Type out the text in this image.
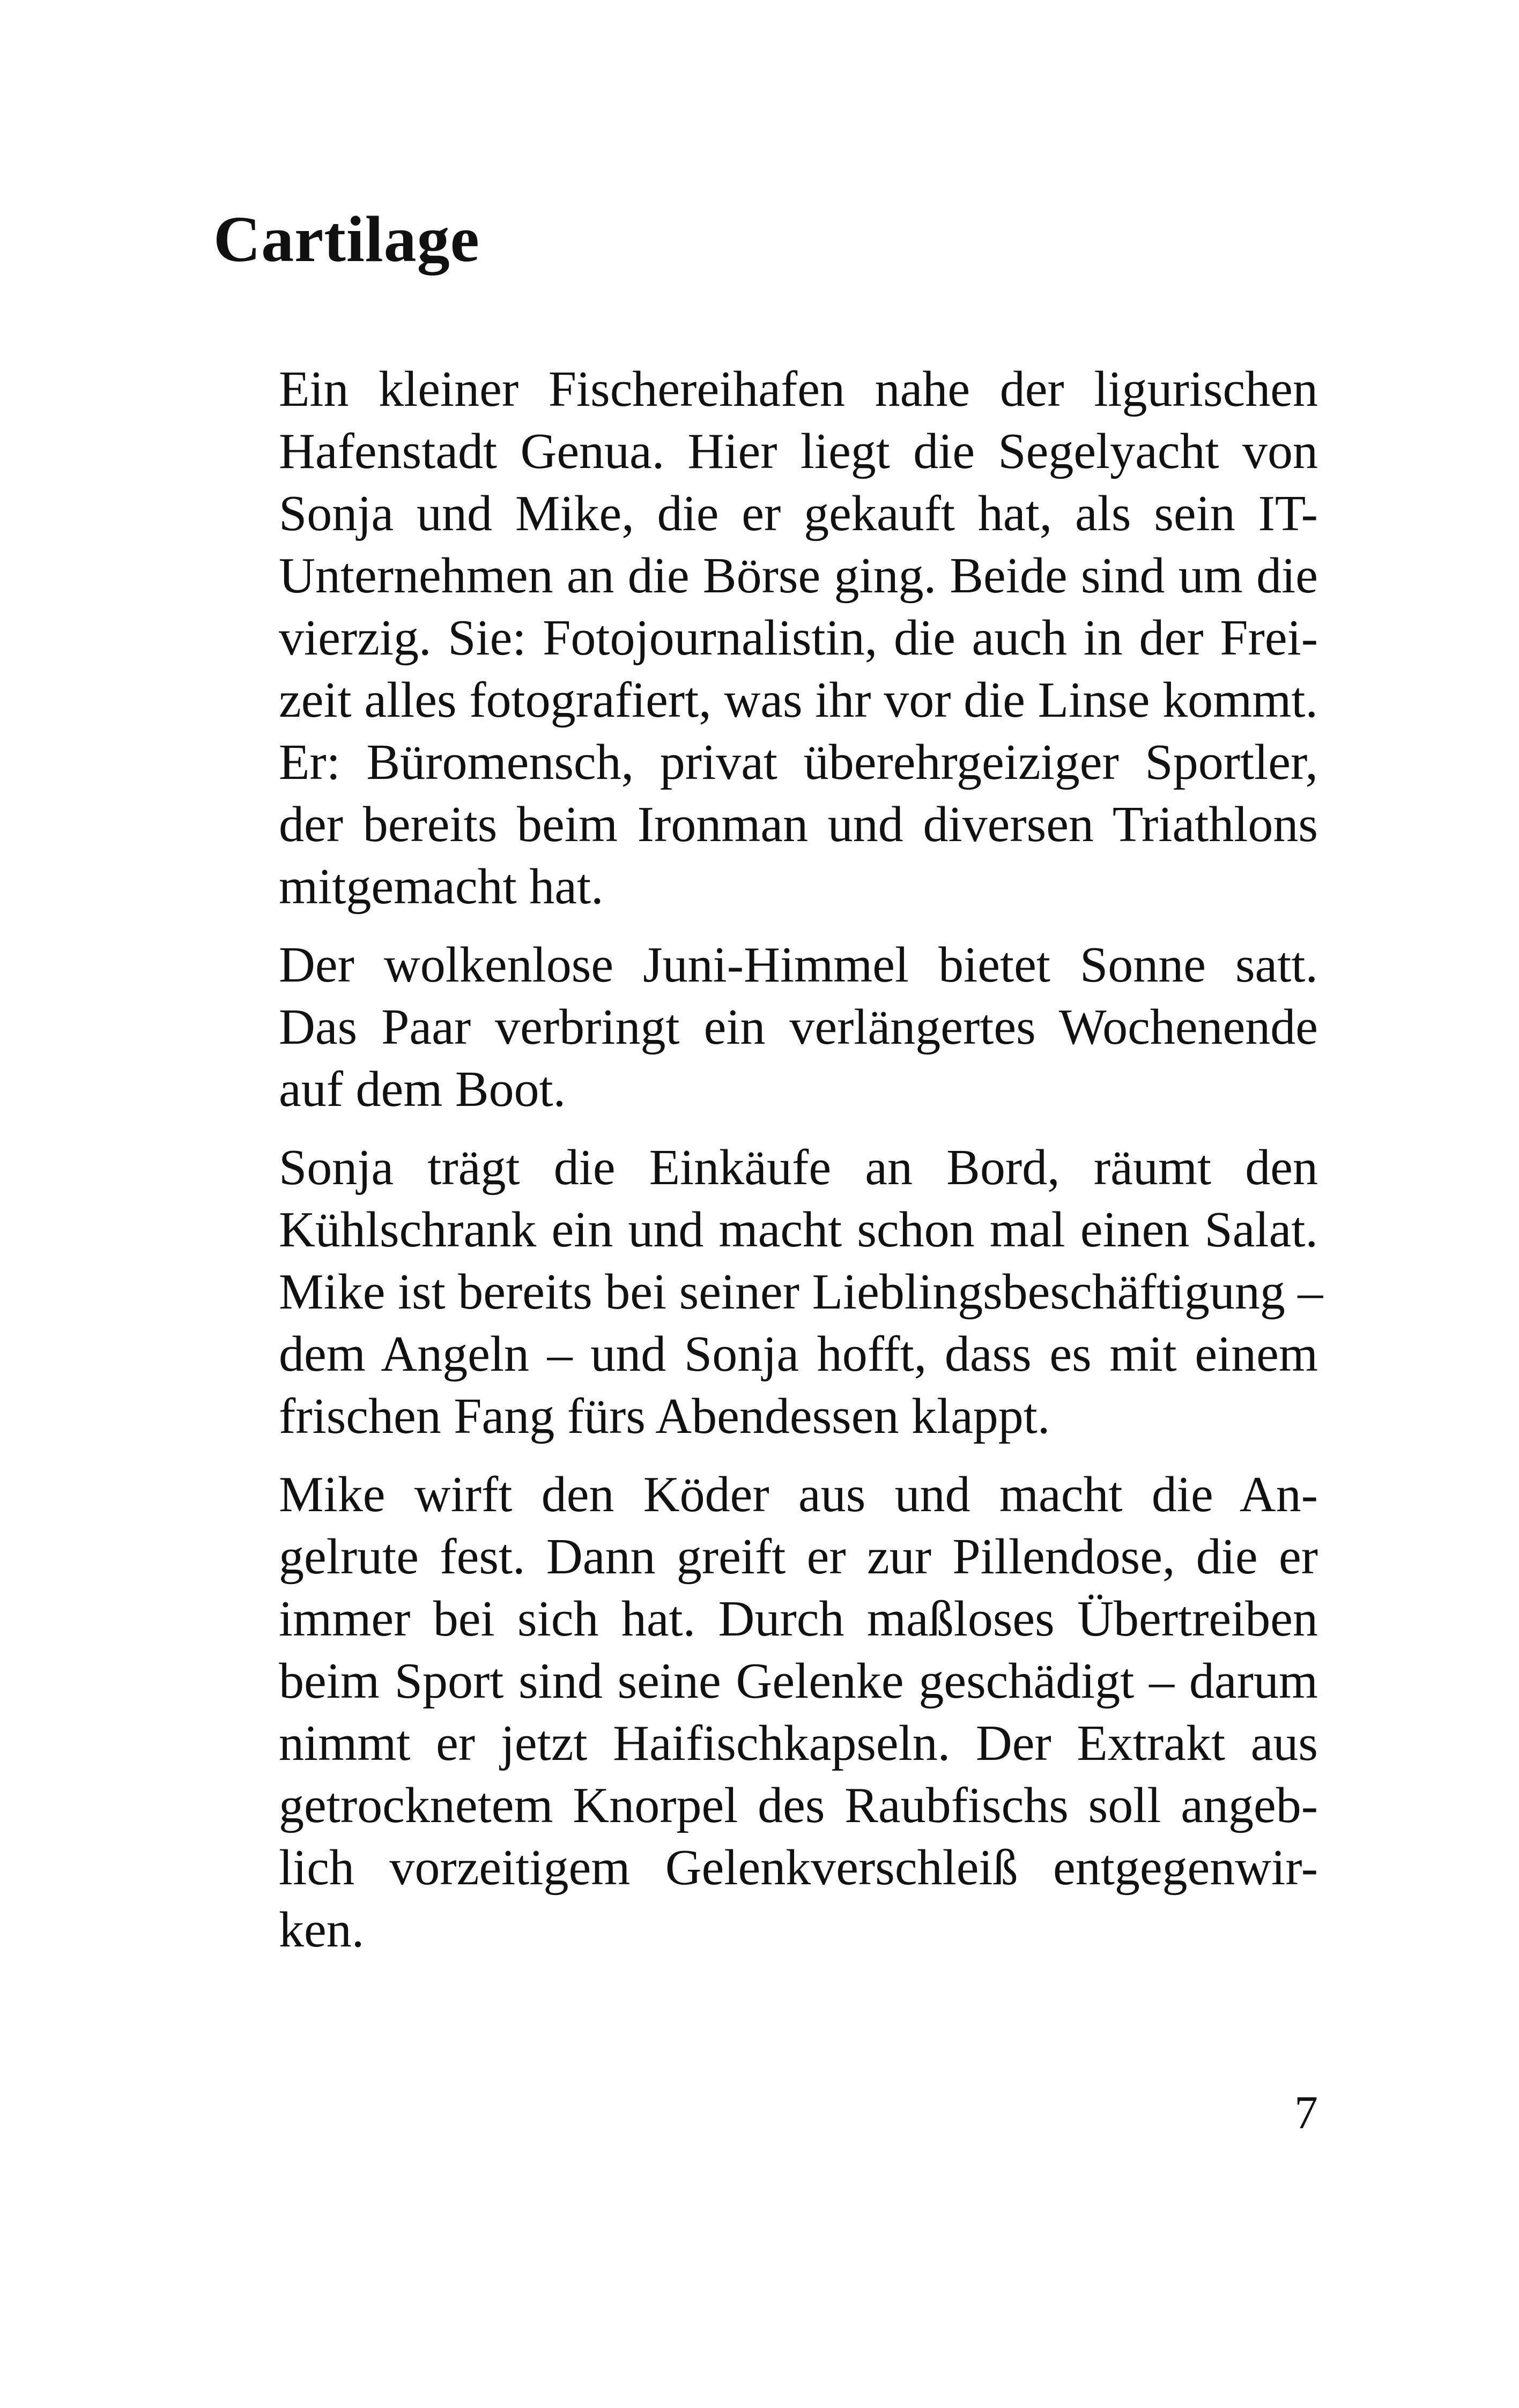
Cartilage

Ein kleiner Fischereihafen nahe der ligurischen
Hafenstadt Genua. Hier liegt die Segelyacht von
Sonja und Mike, die er gekauft hat, als sein IT-
Unternehmen an die Börse ging. Beide sind um die
vierzig. Sie: Fotojournalistin, die auch in der Frei-
zeit alles fotografiert, was ihr vor die Linse kommt.
Er: Büromensch, privat überehrgeiziger Sportler,
der bereits beim Ironman und diversen Triathlons
mitgemacht hat.

Der wolkenlose Juni-Himmel bietet Sonne satt.
Das Paar verbringt ein verlängertes Wochenende
auf dem Boot.

Sonja trägt die Einkäufe an Bord, räumt den
Kühlschrank ein und macht schon mal einen Salat.
Mike ist bereits bei seiner Lieblingsbeschäftigung –
dem Angeln – und Sonja hofft, dass es mit einem
frischen Fang fürs Abendessen klappt.

Mike wirft den Köder aus und macht die An-
gelrute fest. Dann greift er zur Pillendose, die er
immer bei sich hat. Durch maßloses Übertreiben
beim Sport sind seine Gelenke geschädigt – darum
nimmt er jetzt Haifischkapseln. Der Extrakt aus
getrocknetem Knorpel des Raubfischs soll angeb-
lich vorzeitigem Gelenkverschleiß entgegenwir-
ken.

7
